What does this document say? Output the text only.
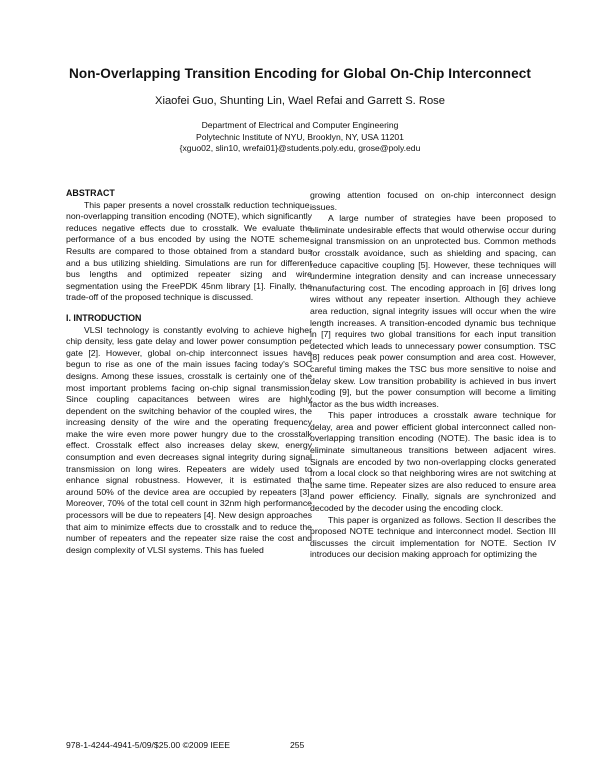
Non-Overlapping Transition Encoding for Global On-Chip Interconnect
Xiaofei Guo, Shunting Lin, Wael Refai and Garrett S. Rose
Department of Electrical and Computer Engineering
Polytechnic Institute of NYU, Brooklyn, NY, USA 11201
{xguo02, slin10, wrefai01}@students.poly.edu, grose@poly.edu
ABSTRACT

This paper presents a novel crosstalk reduction technique, non-overlapping transition encoding (NOTE), which significantly reduces negative effects due to crosstalk. We evaluate the performance of a bus encoded by using the NOTE scheme. Results are compared to those obtained from a standard bus and a bus utilizing shielding. Simulations are run for different bus lengths and optimized repeater sizing and wire segmentation using the FreePDK 45nm library [1]. Finally, the trade-off of the proposed technique is discussed.

I. INTRODUCTION

VLSI technology is constantly evolving to achieve higher chip density, less gate delay and lower power consumption per gate [2]. However, global on-chip interconnect issues have begun to rise as one of the main issues facing today's SOC designs. Among these issues, crosstalk is certainly one of the most important problems facing on-chip signal transmission. Since coupling capacitances between wires are highly dependent on the switching behavior of the coupled wires, the increasing density of the wire and the operating frequency make the wire even more power hungry due to the crosstalk effect. Crosstalk effect also increases delay skew, energy consumption and even decreases signal integrity during signal transmission on long wires. Repeaters are widely used to enhance signal robustness. However, it is estimated that around 50% of the device area are occupied by repeaters [3]. Moreover, 70% of the total cell count in 32nm high performance processors will be due to repeaters [4]. New design approaches that aim to minimize effects due to crosstalk and to reduce the number of repeaters and the repeater size raise the cost and design complexity of VLSI systems. This has fueled

growing attention focused on on-chip interconnect design issues.

A large number of strategies have been proposed to eliminate undesirable effects that would otherwise occur during signal transmission on an unprotected bus. Common methods for crosstalk avoidance, such as shielding and spacing, can reduce capacitive coupling [5]. However, these techniques will undermine integration density and can increase unnecessary manufacturing cost. The encoding approach in [6] drives long wires without any repeater insertion. Although they achieve area reduction, signal integrity issues will occur when the wire length increases. A transition-encoded dynamic bus technique in [7] requires two global transitions for each input transition detected which leads to unnecessary power consumption. TSC [8] reduces peak power consumption and area cost. However, careful timing makes the TSC bus more sensitive to noise and delay skew. Low transition probability is achieved in bus invert coding [9], but the power consumption will become a limiting factor as the bus width increases.

This paper introduces a crosstalk aware technique for delay, area and power efficient global interconnect called non-overlapping transition encoding (NOTE). The basic idea is to eliminate simultaneous transitions between adjacent wires. Signals are encoded by two non-overlapping clocks generated from a local clock so that neighboring wires are not switching at the same time. Repeater sizes are also reduced to ensure area and power efficiency. Finally, signals are synchronized and decoded by the decoder using the encoding clock.

This paper is organized as follows. Section II describes the proposed NOTE technique and interconnect model. Section III discusses the circuit implementation for NOTE. Section IV introduces our decision making approach for optimizing the

978-1-4244-4941-5/09/$25.00 ©2009 IEEE	255
